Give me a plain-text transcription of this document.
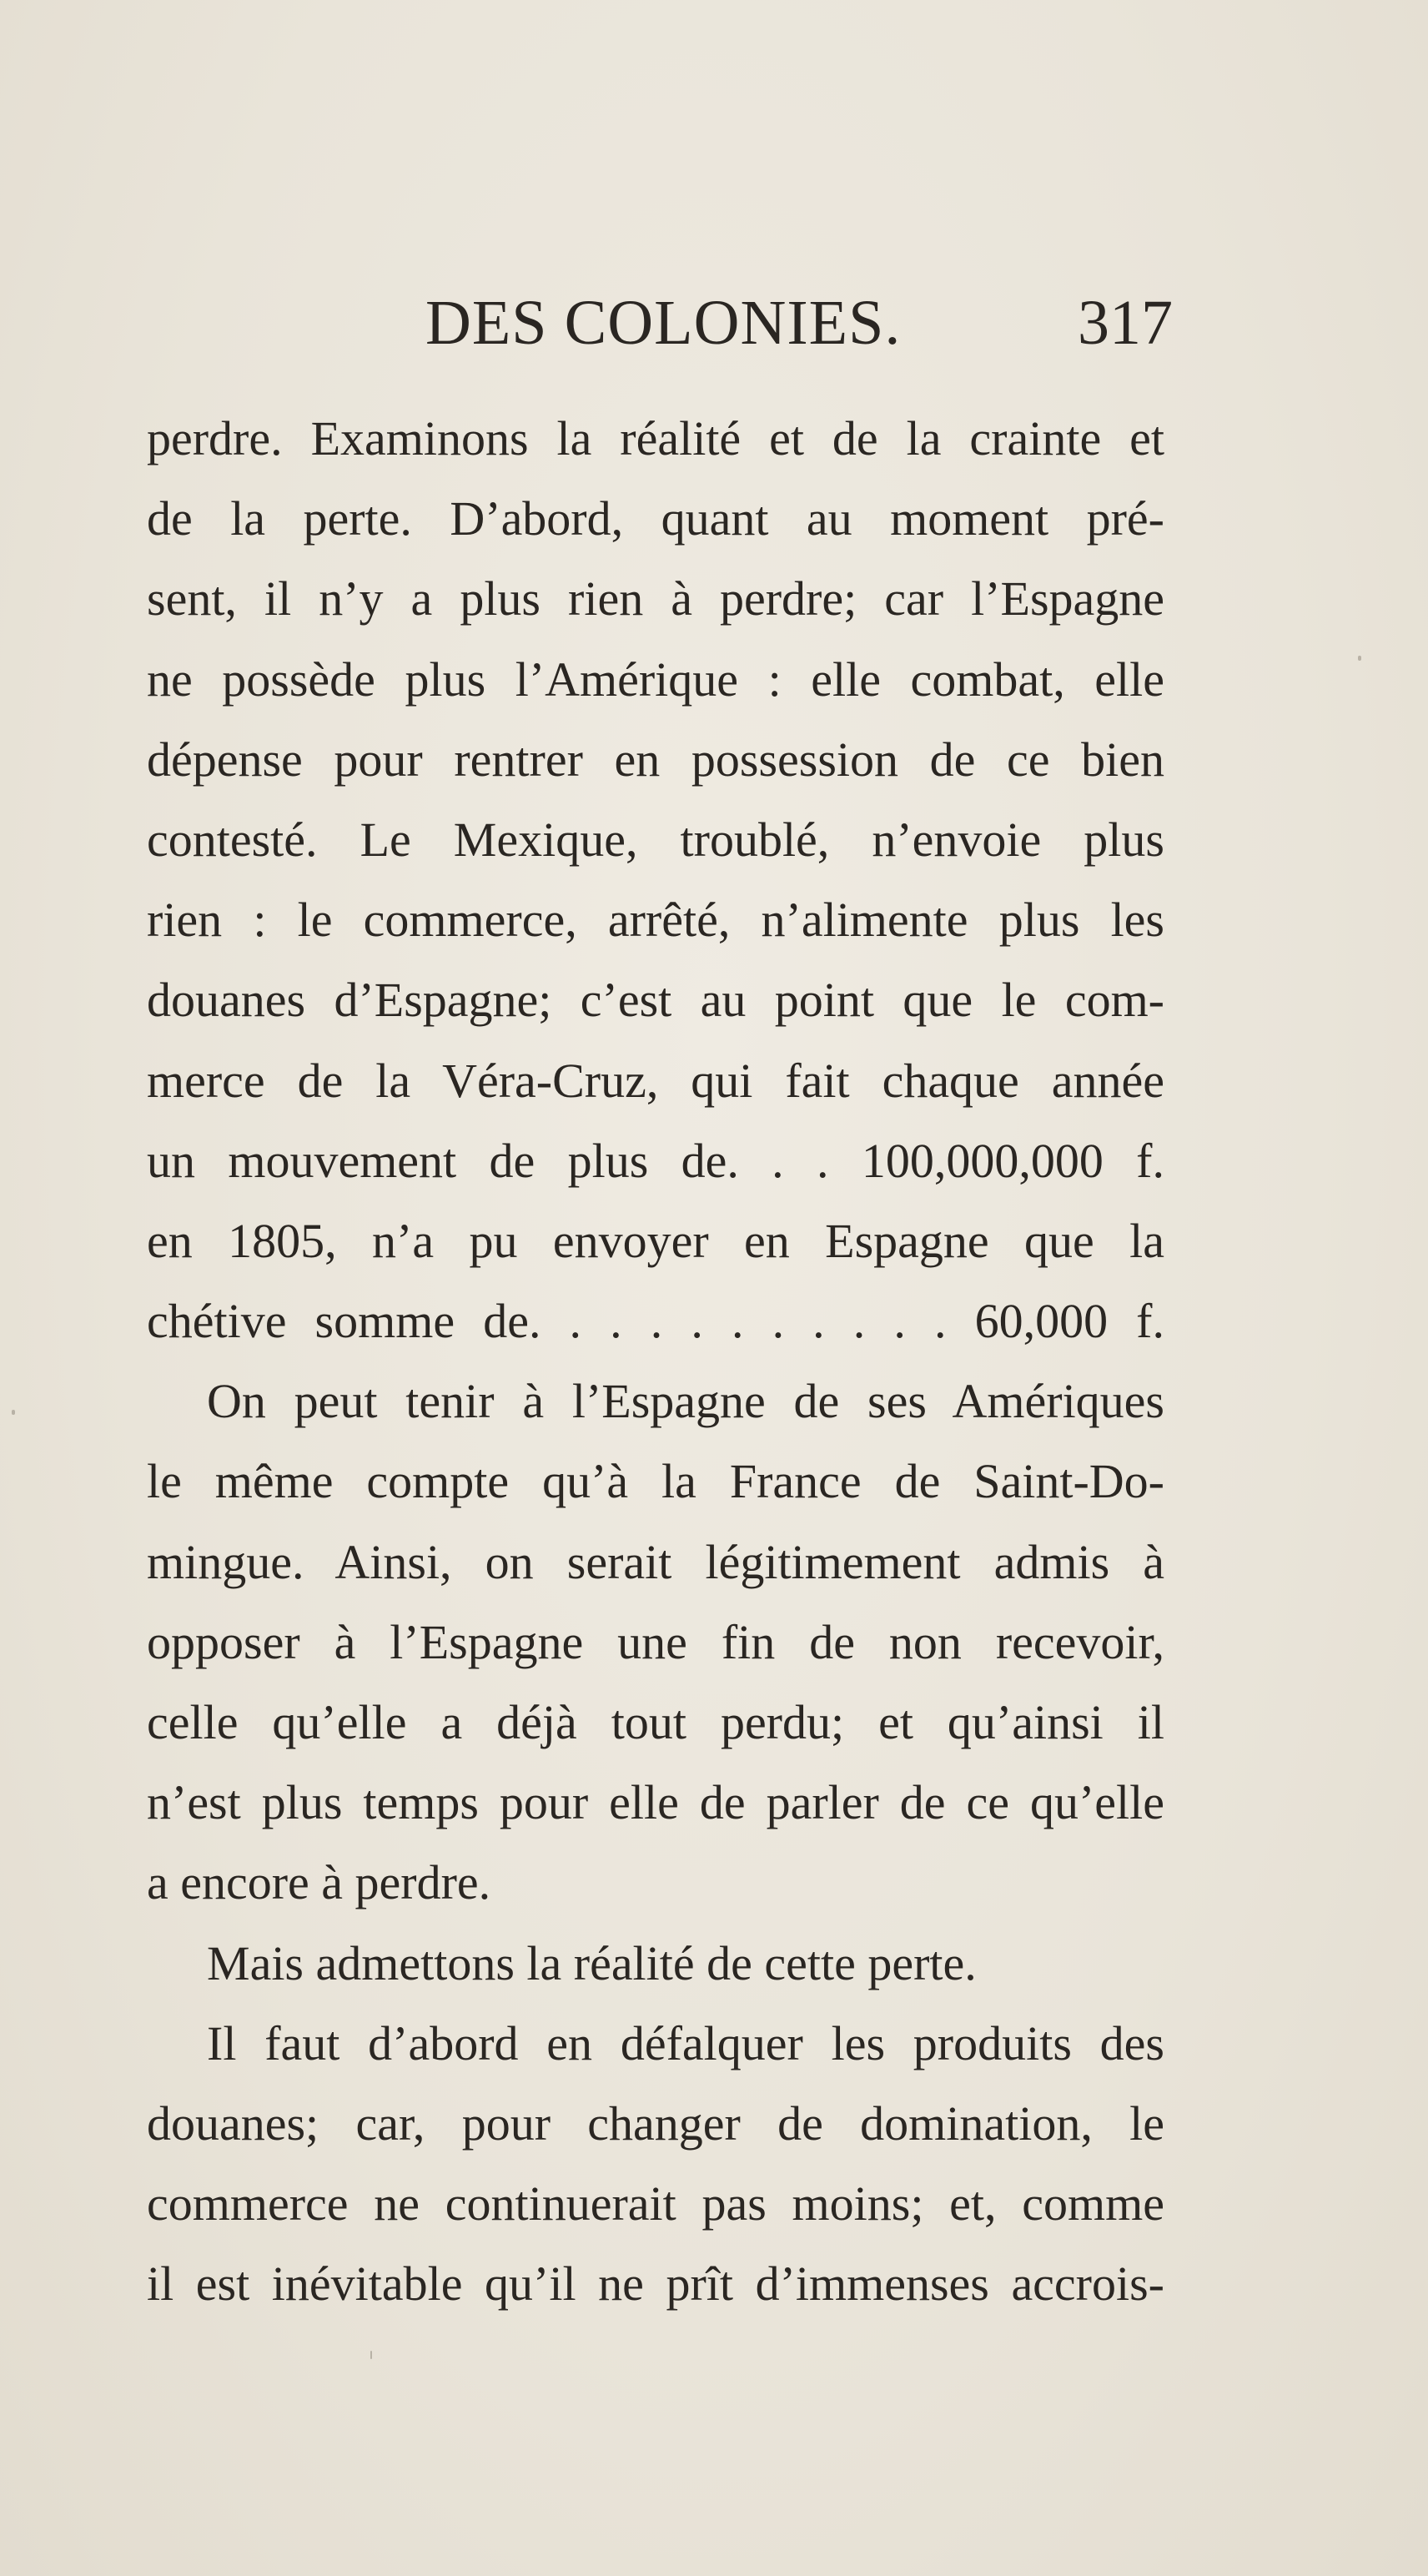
DES COLONIES.	317
perdre. Examinons la réalité et de la crainte et
de la perte. D’abord, quant au moment pré-
sent, il n’y a plus rien à perdre; car l’Espagne
ne possède plus l’Amérique : elle combat, elle
dépense pour rentrer en possession de ce bien
contesté. Le Mexique, troublé, n’envoie plus
rien : le commerce, arrêté, n’alimente plus les
douanes d’Espagne; c’est au point que le com-
merce de la Véra-Cruz, qui fait chaque année
un mouvement de plus de. . . 100,000,000 f.
en 1805, n’a pu envoyer en Espagne que la
chétive somme de. . . . . . . . . . . 60,000 f.
On peut tenir à l’Espagne de ses Amériques
le même compte qu’à la France de Saint-Do-
mingue. Ainsi, on serait légitimement admis à
opposer à l’Espagne une fin de non recevoir,
celle qu’elle a déjà tout perdu; et qu’ainsi il
n’est plus temps pour elle de parler de ce qu’elle
a encore à perdre.
Mais admettons la réalité de cette perte.
Il faut d’abord en défalquer les produits des
douanes; car, pour changer de domination, le
commerce ne continuerait pas moins; et, comme
il est inévitable qu’il ne prît d’immenses accrois-
